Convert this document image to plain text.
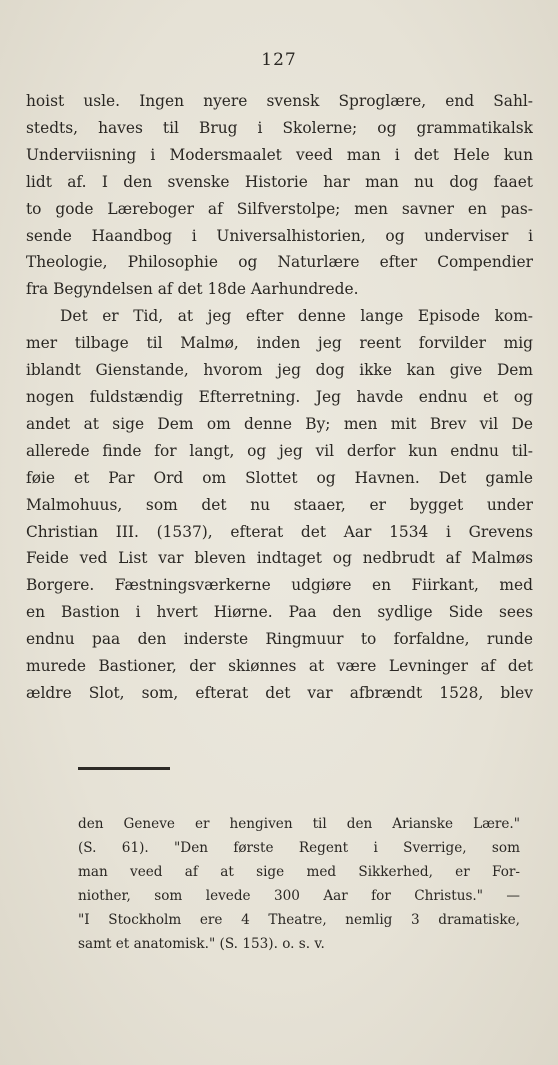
127
hoist usle. Ingen nyere svensk Sproglære, end Sahl-
stedts, haves til Brug i Skolerne; og grammatikalsk
Underviisning i Modersmaalet veed man i det Hele kun
lidt af. I den svenske Historie har man nu dog faaet
to gode Læreboger af Silfverstolpe; men savner en pas-
sende Haandbog i Universalhistorien, og underviser i
Theologie, Philosophie og Naturlære efter Compendier
fra Begyndelsen af det 18de Aarhundrede.
Det er Tid, at jeg efter denne lange Episode kom-
mer tilbage til Malmø, inden jeg reent forvilder mig
iblandt Gienstande, hvorom jeg dog ikke kan give Dem
nogen fuldstændig Efterretning. Jeg havde endnu et og
andet at sige Dem om denne By; men mit Brev vil De
allerede finde for langt, og jeg vil derfor kun endnu til-
føie et Par Ord om Slottet og Havnen. Det gamle
Malmohuus, som det nu staaer, er bygget under
Christian III. (1537), efterat det Aar 1534 i Grevens
Feide ved List var bleven indtaget og nedbrudt af Malmøs
Borgere. Fæstningsværkerne udgiøre en Fiirkant, med
en Bastion i hvert Hiørne. Paa den sydlige Side sees
endnu paa den inderste Ringmuur to forfaldne, runde
murede Bastioner, der skiønnes at være Levninger af det
ældre Slot, som, efterat det var afbrændt 1528, blev
den Geneve er hengiven til den Arianske Lære."
(S. 61). "Den første Regent i Sverrige, som
man veed af at sige med Sikkerhed, er For-
niother, som levede 300 Aar for Christus." —
"I Stockholm ere 4 Theatre, nemlig 3 dramatiske,
samt et anatomisk." (S. 153). o. s. v.
